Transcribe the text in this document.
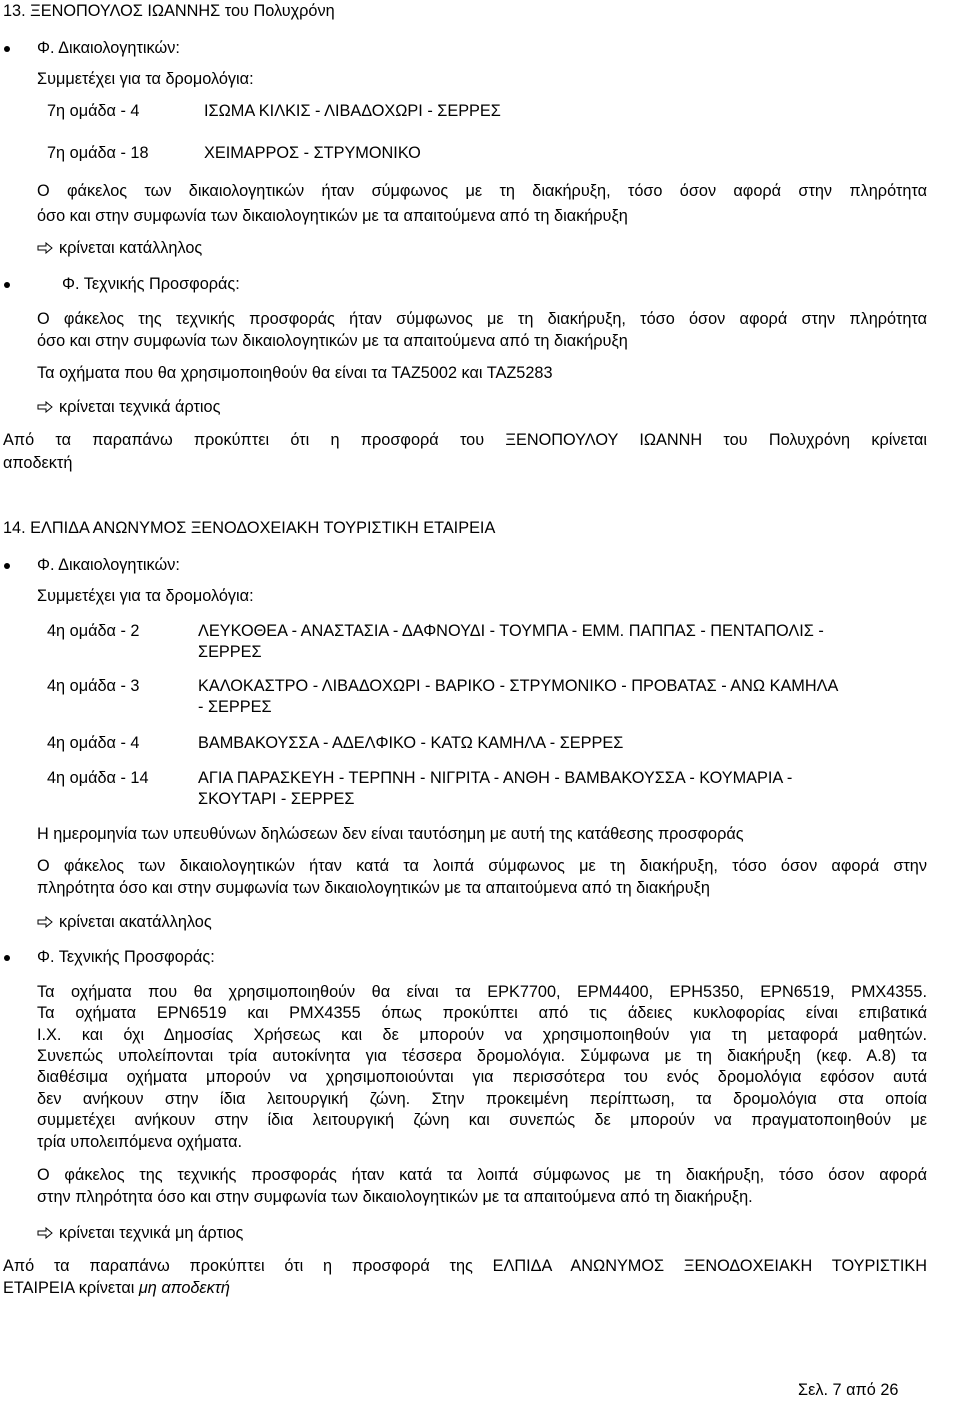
13. ΞΕΝΟΠΟΥΛΟΣ ΙΩΑΝΝΗΣ του Πολυχρόνη
Φ. Δικαιολογητικών:
Συμμετέχει για τα δρομολόγια:
7η ομάδα - 4	ΙΣΩΜΑ ΚΙΛΚΙΣ - ΛΙΒΑΔΟΧΩΡΙ - ΣΕΡΡΕΣ
7η ομάδα - 18	ΧΕΙΜΑΡΡΟΣ - ΣΤΡΥΜΟΝΙΚΟ
Ο φάκελος των δικαιολογητικών ήταν σύμφωνος με τη διακήρυξη, τόσο όσον αφορά στην πληρότητα
όσο και στην συμφωνία των δικαιολογητικών με τα απαιτούμενα από τη διακήρυξη
κρίνεται κατάλληλος
Φ. Τεχνικής Προσφοράς:
Ο φάκελος της τεχνικής προσφοράς ήταν σύμφωνος με τη διακήρυξη, τόσο όσον αφορά στην πληρότητα
όσο και στην συμφωνία των δικαιολογητικών με τα απαιτούμενα από τη διακήρυξη
Τα οχήματα που θα χρησιμοποιηθούν θα είναι τα ΤΑΖ5002 και ΤΑΖ5283
κρίνεται τεχνικά άρτιος
Από τα παραπάνω προκύπτει ότι η προσφορά του ΞΕΝΟΠΟΥΛΟΥ ΙΩΑΝΝΗ του Πολυχρόνη κρίνεται
αποδεκτή
14. ΕΛΠΙΔΑ ΑΝΩΝΥΜΟΣ ΞΕΝΟΔΟΧΕΙΑΚΗ ΤΟΥΡΙΣΤΙΚΗ ΕΤΑΙΡΕΙΑ
Φ. Δικαιολογητικών:
Συμμετέχει για τα δρομολόγια:
4η ομάδα - 2	ΛΕΥΚΟΘΕΑ - ΑΝΑΣΤΑΣΙΑ - ΔΑΦΝΟΥΔΙ - ΤΟΥΜΠΑ - ΕΜΜ. ΠΑΠΠΑΣ - ΠΕΝΤΑΠΟΛΙΣ -
ΣΕΡΡΕΣ
4η ομάδα - 3	ΚΑΛΟΚΑΣΤΡΟ - ΛΙΒΑΔΟΧΩΡΙ - ΒΑΡΙΚΟ - ΣΤΡΥΜΟΝΙΚΟ - ΠΡΟΒΑΤΑΣ - ΑΝΩ ΚΑΜΗΛΑ
- ΣΕΡΡΕΣ
4η ομάδα - 4	ΒΑΜΒΑΚΟΥΣΣΑ - ΑΔΕΛΦΙΚΟ - ΚΑΤΩ ΚΑΜΗΛΑ - ΣΕΡΡΕΣ
4η ομάδα - 14	ΑΓΙΑ ΠΑΡΑΣΚΕΥΗ - ΤΕΡΠΝΗ - ΝΙΓΡΙΤΑ - ΑΝΘΗ - ΒΑΜΒΑΚΟΥΣΣΑ - ΚΟΥΜΑΡΙΑ -
ΣΚΟΥΤΑΡΙ - ΣΕΡΡΕΣ
Η ημερομηνία των υπευθύνων δηλώσεων δεν είναι ταυτόσημη με αυτή της κατάθεσης προσφοράς
Ο φάκελος των δικαιολογητικών ήταν κατά τα λοιπά σύμφωνος με τη διακήρυξη, τόσο όσον αφορά στην
πληρότητα όσο και στην συμφωνία των δικαιολογητικών με τα απαιτούμενα από τη διακήρυξη
κρίνεται ακατάλληλος
Φ. Τεχνικής Προσφοράς:
Τα οχήματα που θα χρησιμοποιηθούν θα είναι τα ΕΡΚ7700, ΕΡΜ4400, ΕΡΗ5350, ΕΡΝ6519, ΡΜΧ4355.
Τα οχήματα ΕΡΝ6519 και ΡΜΧ4355 όπως προκύπτει από τις άδειες κυκλοφορίας είναι επιβατικά
Ι.Χ. και όχι Δημοσίας Χρήσεως και δε μπορούν να χρησιμοποιηθούν για τη μεταφορά μαθητών.
Συνεπώς υπολείπονται τρία αυτοκίνητα για τέσσερα δρομολόγια. Σύμφωνα με τη διακήρυξη (κεφ. Α.8) τα
διαθέσιμα οχήματα μπορούν να χρησιμοποιούνται για περισσότερα του ενός δρομολόγια εφόσον αυτά
δεν ανήκουν στην ίδια λειτουργική ζώνη. Στην προκειμένη περίπτωση, τα δρομολόγια στα οποία
συμμετέχει ανήκουν στην ίδια λειτουργική ζώνη και συνεπώς δε μπορούν να πραγματοποιηθούν με
τρία υπολειπόμενα οχήματα.
Ο φάκελος της τεχνικής προσφοράς ήταν κατά τα λοιπά σύμφωνος με τη διακήρυξη, τόσο όσον αφορά
στην πληρότητα όσο και στην συμφωνία των δικαιολογητικών με τα απαιτούμενα από τη διακήρυξη.
κρίνεται τεχνικά μη άρτιος
Από τα παραπάνω προκύπτει ότι η προσφορά της ΕΛΠΙΔΑ ΑΝΩΝΥΜΟΣ ΞΕΝΟΔΟΧΕΙΑΚΗ ΤΟΥΡΙΣΤΙΚΗ
ΕΤΑΙΡΕΙΑ κρίνεται μη αποδεκτή
Σελ. 7 από 26
